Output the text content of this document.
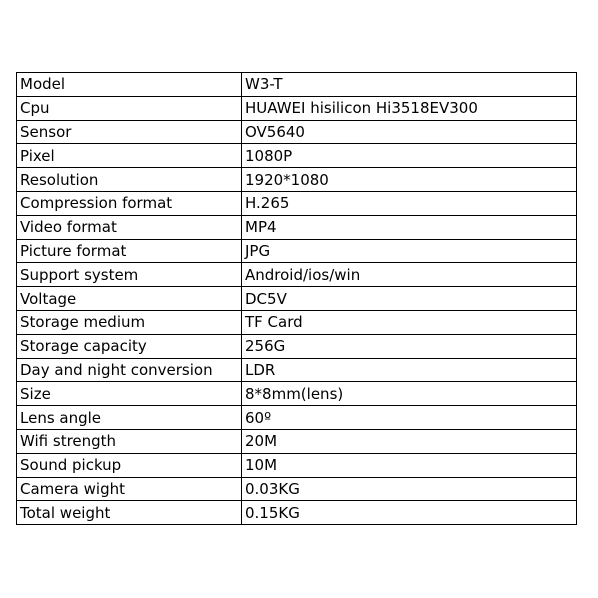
Model	W3-T
Cpu	HUAWEI hisilicon Hi3518EV300
Sensor	OV5640
Pixel	1080P
Resolution	1920*1080
Compression format	H.265
Video format	MP4
Picture format	JPG
Support system	Android/ios/win
Voltage	DC5V
Storage medium	TF Card
Storage capacity	256G
Day and night conversion	LDR
Size	8*8mm(lens)
Lens angle	60º
Wifi strength	20M
Sound pickup	10M
Camera wight	0.03KG
Total weight	0.15KG
